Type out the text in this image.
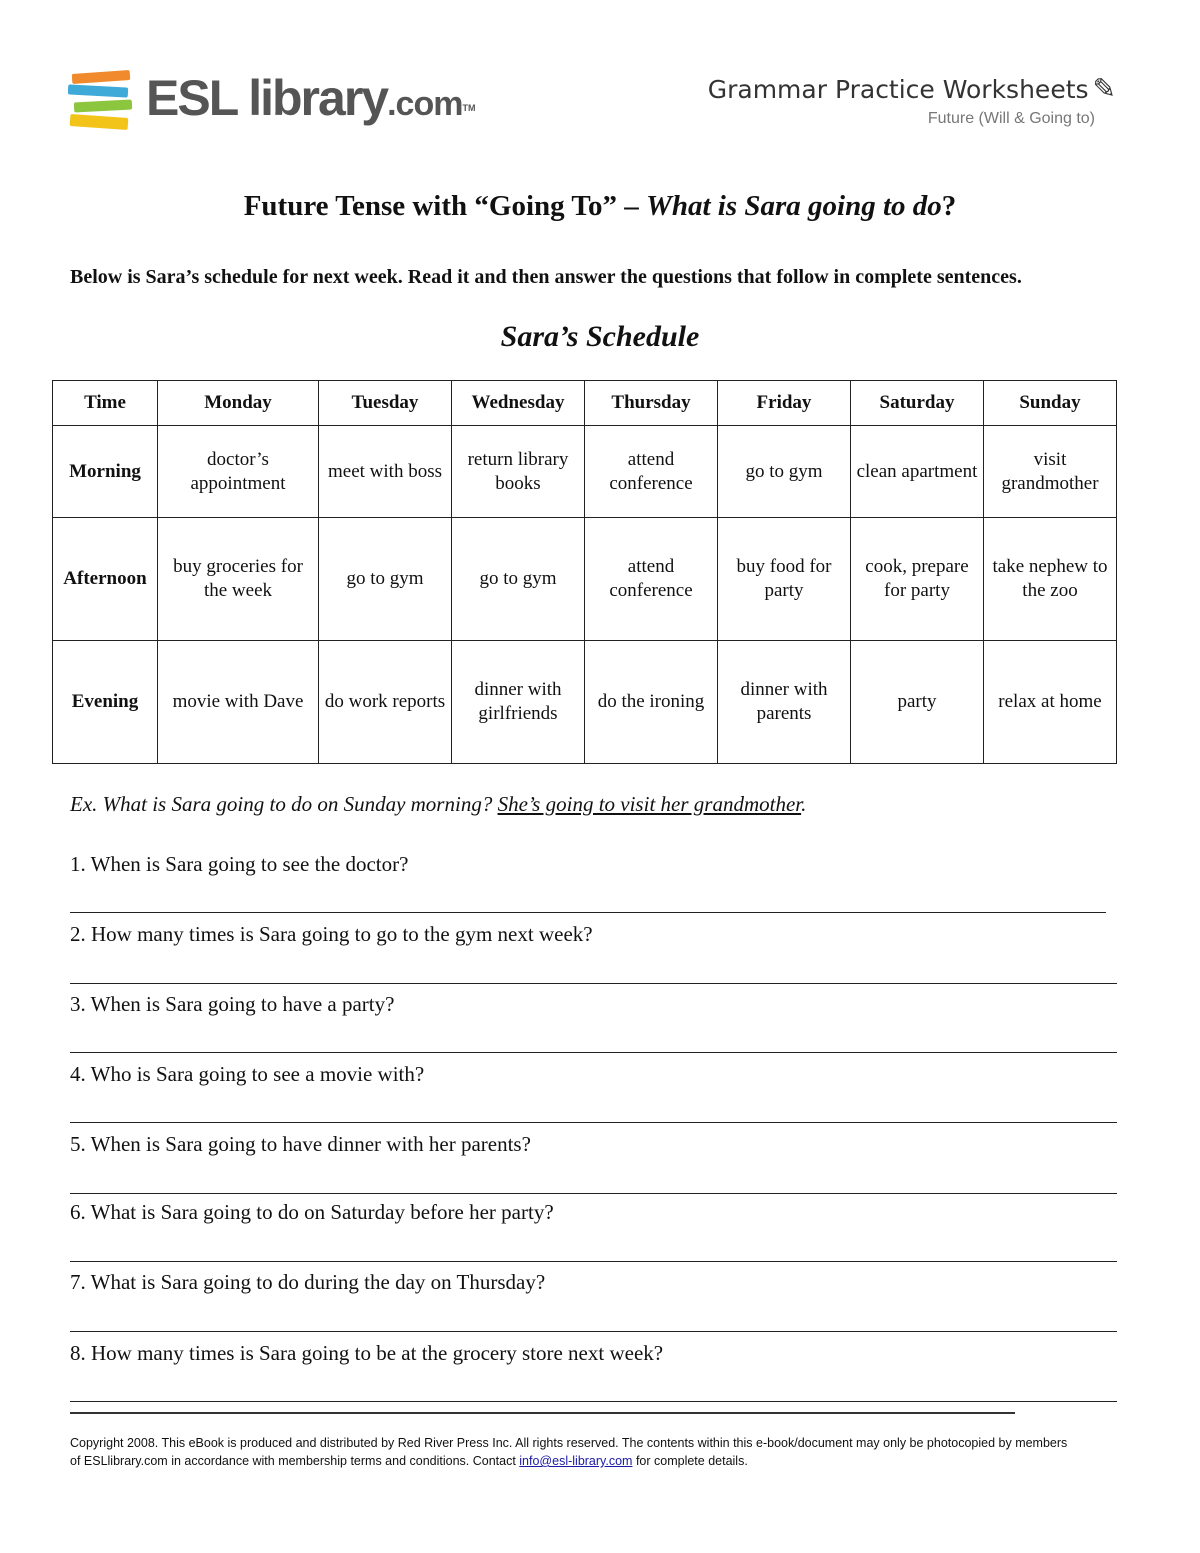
ESL library.com™
Grammar Practice Worksheets ✎
Future (Will & Going to)
Future Tense with “Going To” – What is Sara going to do?
Below is Sara’s schedule for next week. Read it and then answer the questions that follow in complete sentences.
Sara’s Schedule
Time	Monday	Tuesday	Wednesday	Thursday	Friday	Saturday	Sunday
Morning	doctor’s appointment	meet with boss	return library books	attend conference	go to gym	clean apartment	visit grandmother
Afternoon	buy groceries for the week	go to gym	go to gym	attend conference	buy food for party	cook, prepare for party	take nephew to the zoo
Evening	movie with Dave	do work reports	dinner with girlfriends	do the ironing	dinner with parents	party	relax at home
Ex. What is Sara going to do on Sunday morning? She’s going to visit her grandmother.
1. When is Sara going to see the doctor?
2. How many times is Sara going to go to the gym next week?
3. When is Sara going to have a party?
4. Who is Sara going to see a movie with?
5. When is Sara going to have dinner with her parents?
6. What is Sara going to do on Saturday before her party?
7. What is Sara going to do during the day on Thursday?
8. How many times is Sara going to be at the grocery store next week?
Copyright 2008. This eBook is produced and distributed by Red River Press Inc. All rights reserved. The contents within this e-book/document may only be photocopied by members of ESLlibrary.com in accordance with membership terms and conditions. Contact info@esl-library.com for complete details.
